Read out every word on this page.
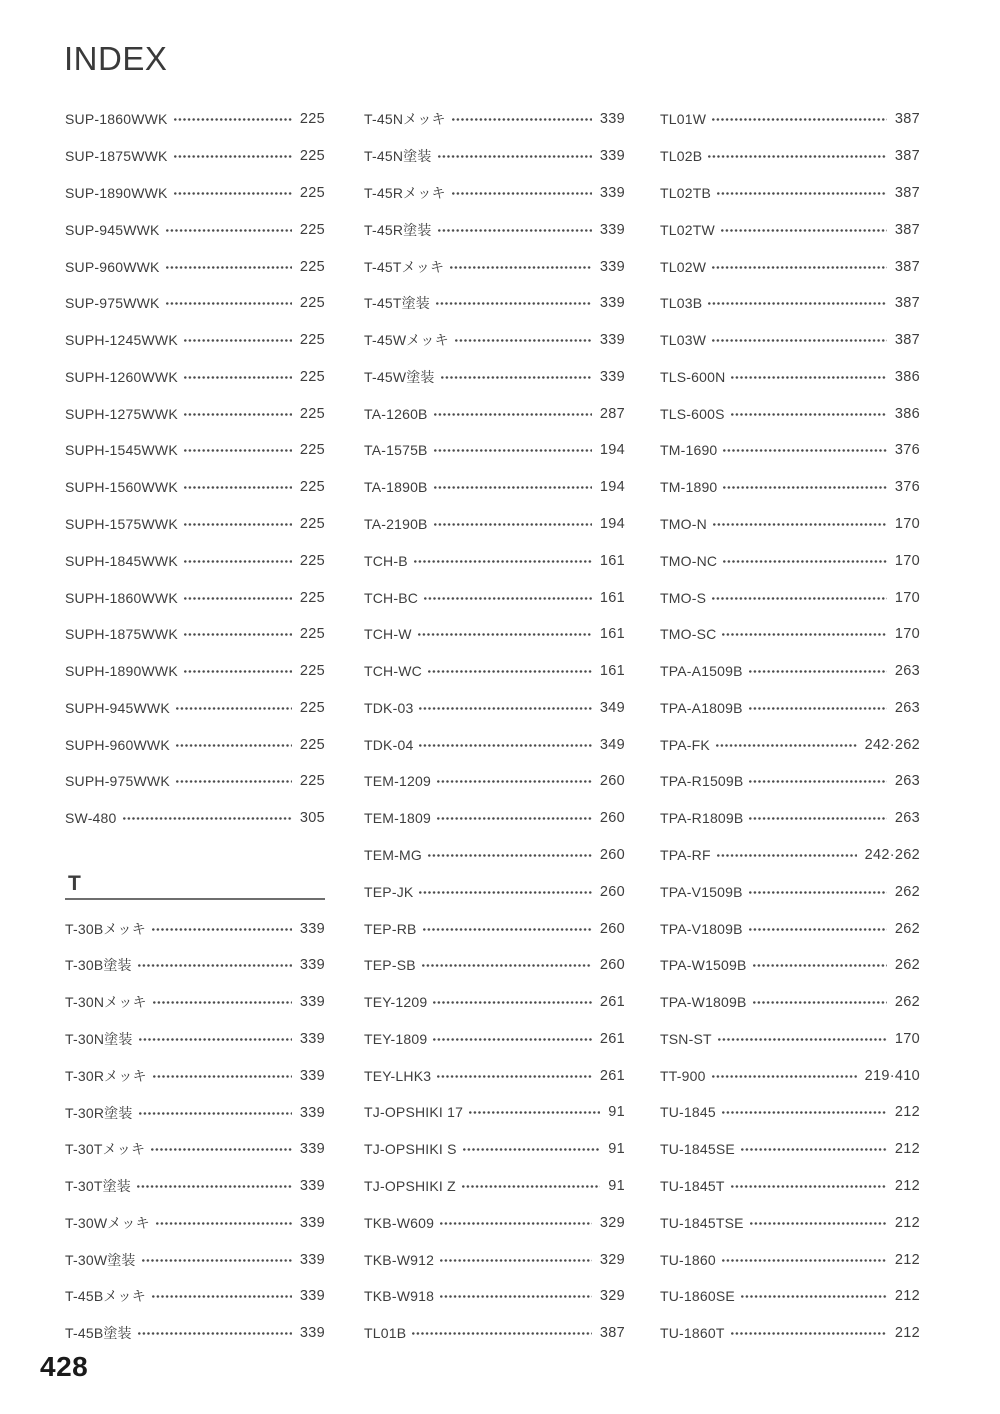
INDEX
SUP-1860WWK	225
SUP-1875WWK	225
SUP-1890WWK	225
SUP-945WWK	225
SUP-960WWK	225
SUP-975WWK	225
SUPH-1245WWK	225
SUPH-1260WWK	225
SUPH-1275WWK	225
SUPH-1545WWK	225
SUPH-1560WWK	225
SUPH-1575WWK	225
SUPH-1845WWK	225
SUPH-1860WWK	225
SUPH-1875WWK	225
SUPH-1890WWK	225
SUPH-945WWK	225
SUPH-960WWK	225
SUPH-975WWK	225
SW-480	305
T
T-30Bメッキ	339
T-30B塗装	339
T-30Nメッキ	339
T-30N塗装	339
T-30Rメッキ	339
T-30R塗装	339
T-30Tメッキ	339
T-30T塗装	339
T-30Wメッキ	339
T-30W塗装	339
T-45Bメッキ	339
T-45B塗装	339
T-45Nメッキ	339
T-45N塗装	339
T-45Rメッキ	339
T-45R塗装	339
T-45Tメッキ	339
T-45T塗装	339
T-45Wメッキ	339
T-45W塗装	339
TA-1260B	287
TA-1575B	194
TA-1890B	194
TA-2190B	194
TCH-B	161
TCH-BC	161
TCH-W	161
TCH-WC	161
TDK-03	349
TDK-04	349
TEM-1209	260
TEM-1809	260
TEM-MG	260
TEP-JK	260
TEP-RB	260
TEP-SB	260
TEY-1209	261
TEY-1809	261
TEY-LHK3	261
TJ-OPSHIKI 17	91
TJ-OPSHIKI S	91
TJ-OPSHIKI Z	91
TKB-W609	329
TKB-W912	329
TKB-W918	329
TL01B	387
TL01W	387
TL02B	387
TL02TB	387
TL02TW	387
TL02W	387
TL03B	387
TL03W	387
TLS-600N	386
TLS-600S	386
TM-1690	376
TM-1890	376
TMO-N	170
TMO-NC	170
TMO-S	170
TMO-SC	170
TPA-A1509B	263
TPA-A1809B	263
TPA-FK	242·262
TPA-R1509B	263
TPA-R1809B	263
TPA-RF	242·262
TPA-V1509B	262
TPA-V1809B	262
TPA-W1509B	262
TPA-W1809B	262
TSN-ST	170
TT-900	219·410
TU-1845	212
TU-1845SE	212
TU-1845T	212
TU-1845TSE	212
TU-1860	212
TU-1860SE	212
TU-1860T	212
428
